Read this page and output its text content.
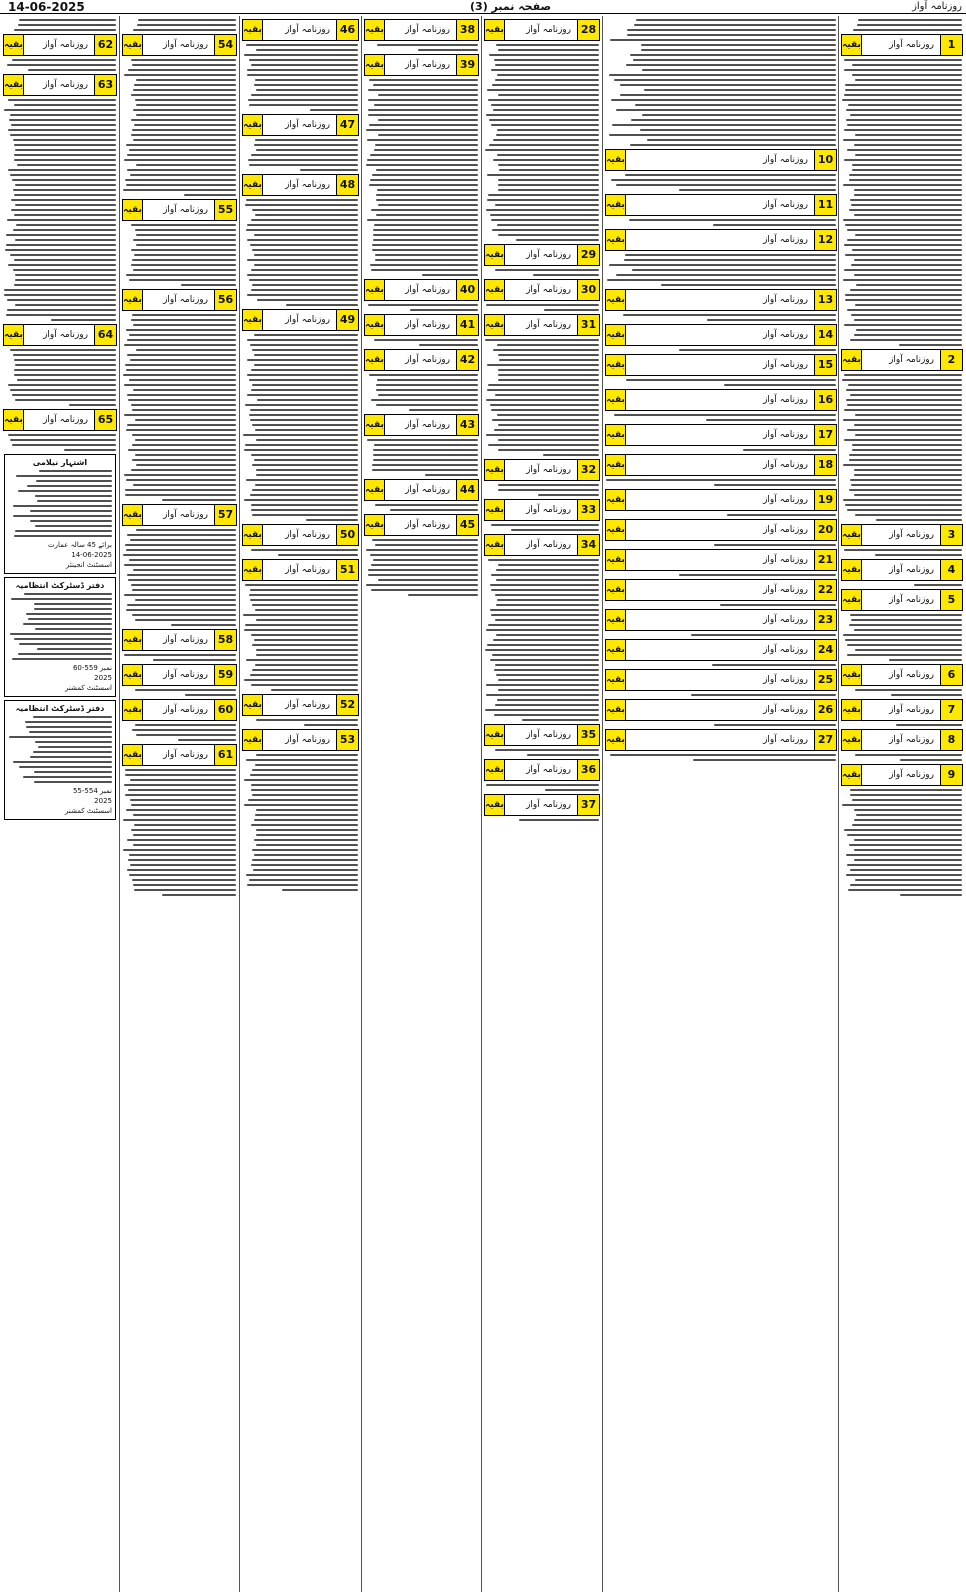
14-06-2025	صفحہ نمبر (3)	روزنامہ آواز
1
روزنامہ آواز
بقیہ
2
روزنامہ آواز
بقیہ
3
روزنامہ آواز
بقیہ
4
روزنامہ آواز
بقیہ
5
روزنامہ آواز
بقیہ
6
روزنامہ آواز
بقیہ
7
روزنامہ آواز
بقیہ
8
روزنامہ آواز
بقیہ
9
روزنامہ آواز
بقیہ
10
روزنامہ آواز
بقیہ
11
روزنامہ آواز
بقیہ
12
روزنامہ آواز
بقیہ
13
روزنامہ آواز
بقیہ
14
روزنامہ آواز
بقیہ
15
روزنامہ آواز
بقیہ
16
روزنامہ آواز
بقیہ
17
روزنامہ آواز
بقیہ
18
روزنامہ آواز
بقیہ
19
روزنامہ آواز
بقیہ
20
روزنامہ آواز
بقیہ
21
روزنامہ آواز
بقیہ
22
روزنامہ آواز
بقیہ
23
روزنامہ آواز
بقیہ
24
روزنامہ آواز
بقیہ
25
روزنامہ آواز
بقیہ
26
روزنامہ آواز
بقیہ
27
روزنامہ آواز
بقیہ
28
روزنامہ آواز
بقیہ
29
روزنامہ آواز
بقیہ
30
روزنامہ آواز
بقیہ
31
روزنامہ آواز
بقیہ
32
روزنامہ آواز
بقیہ
33
روزنامہ آواز
بقیہ
34
روزنامہ آواز
بقیہ
35
روزنامہ آواز
بقیہ
36
روزنامہ آواز
بقیہ
37
روزنامہ آواز
بقیہ
38
روزنامہ آواز
بقیہ
39
روزنامہ آواز
بقیہ
40
روزنامہ آواز
بقیہ
41
روزنامہ آواز
بقیہ
42
روزنامہ آواز
بقیہ
43
روزنامہ آواز
بقیہ
44
روزنامہ آواز
بقیہ
45
روزنامہ آواز
بقیہ
46
روزنامہ آواز
بقیہ
47
روزنامہ آواز
بقیہ
48
روزنامہ آواز
بقیہ
49
روزنامہ آواز
بقیہ
50
روزنامہ آواز
بقیہ
51
روزنامہ آواز
بقیہ
52
روزنامہ آواز
بقیہ
53
روزنامہ آواز
بقیہ
54
روزنامہ آواز
بقیہ
55
روزنامہ آواز
بقیہ
56
روزنامہ آواز
بقیہ
57
روزنامہ آواز
بقیہ
58
روزنامہ آواز
بقیہ
59
روزنامہ آواز
بقیہ
60
روزنامہ آواز
بقیہ
61
روزنامہ آواز
بقیہ
62
روزنامہ آواز
بقیہ
63
روزنامہ آواز
بقیہ
64
روزنامہ آواز
بقیہ
65
روزنامہ آواز
بقیہ
اشتہار نیلامی
برائے 45 سالہ عمارت
14-06-2025
اسسٹنٹ انجینئر
دفتر ڈسٹرکٹ انتظامیہ
نمبر 559-60
2025
اسسٹنٹ کمشنر
دفتر ڈسٹرکٹ انتظامیہ
نمبر 554-55
2025
اسسٹنٹ کمشنر
